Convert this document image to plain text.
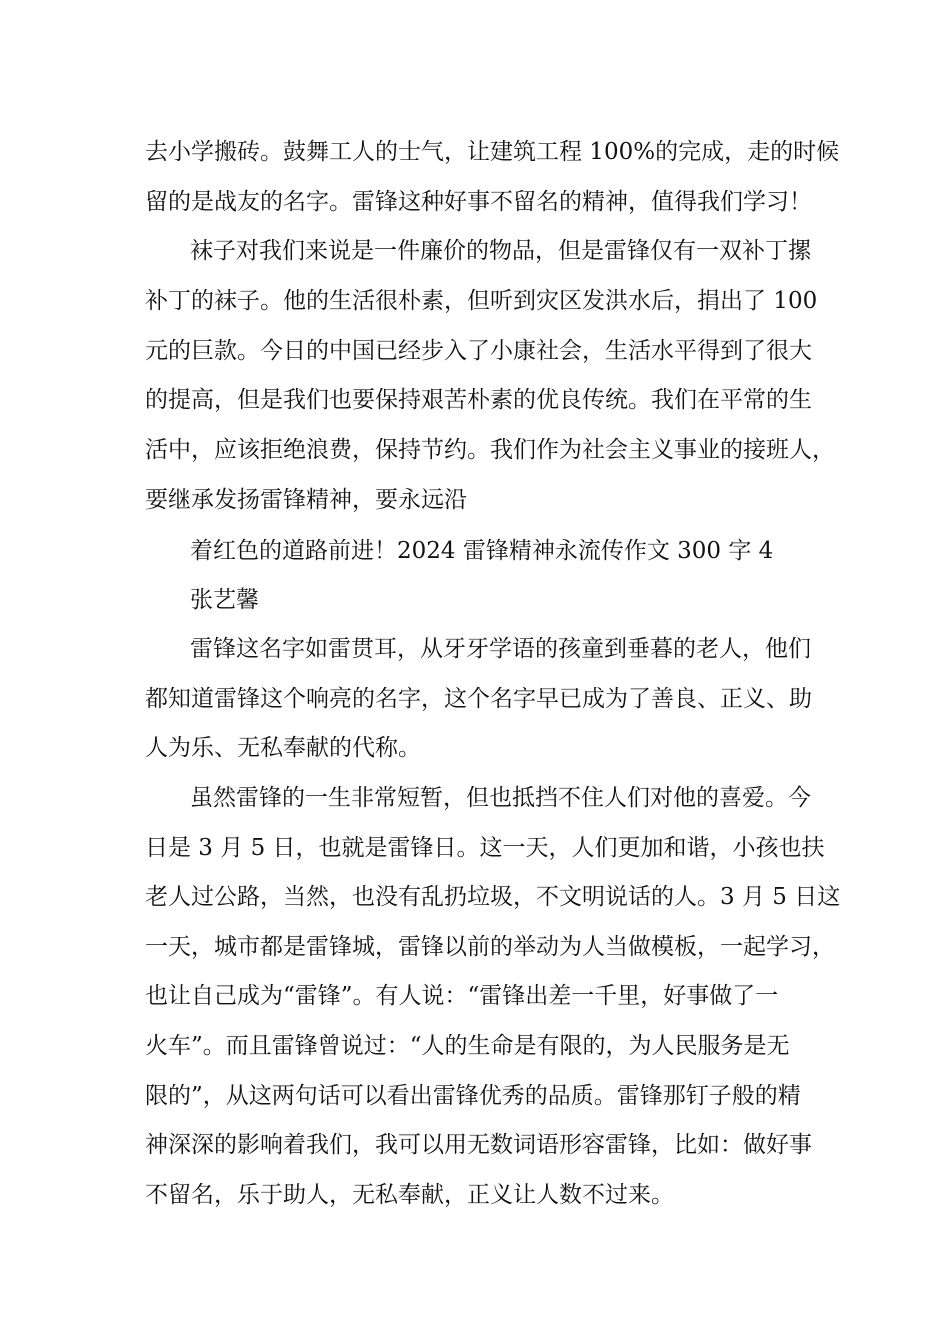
去小学搬砖。鼓舞工人的士气，让建筑工程 100%的完成，走的时候
留的是战友的名字。雷锋这种好事不留名的精神，值得我们学习！
袜子对我们来说是一件廉价的物品，但是雷锋仅有一双补丁摞
补丁的袜子。他的生活很朴素，但听到灾区发洪水后，捐出了 100
元的巨款。今日的中国已经步入了小康社会，生活水平得到了很大
的提高，但是我们也要保持艰苦朴素的优良传统。我们在平常的生
活中，应该拒绝浪费，保持节约。我们作为社会主义事业的接班人，
要继承发扬雷锋精神，要永远沿
着红色的道路前进！2024 雷锋精神永流传作文 300 字 4
张艺馨
雷锋这名字如雷贯耳，从牙牙学语的孩童到垂暮的老人，他们
都知道雷锋这个响亮的名字，这个名字早已成为了善良、正义、助
人为乐、无私奉献的代称。
虽然雷锋的一生非常短暂，但也抵挡不住人们对他的喜爱。今
日是 3 月 5 日，也就是雷锋日。这一天，人们更加和谐，小孩也扶
老人过公路，当然，也没有乱扔垃圾，不文明说话的人。3 月 5 日这
一天，城市都是雷锋城，雷锋以前的举动为人当做模板，一起学习，
也让自己成为“雷锋”。有人说：“雷锋出差一千里，好事做了一
火车”。而且雷锋曾说过：“人的生命是有限的，为人民服务是无
限的”，从这两句话可以看出雷锋优秀的品质。雷锋那钉子般的精
神深深的影响着我们，我可以用无数词语形容雷锋，比如：做好事
不留名，乐于助人，无私奉献，正义让人数不过来。
